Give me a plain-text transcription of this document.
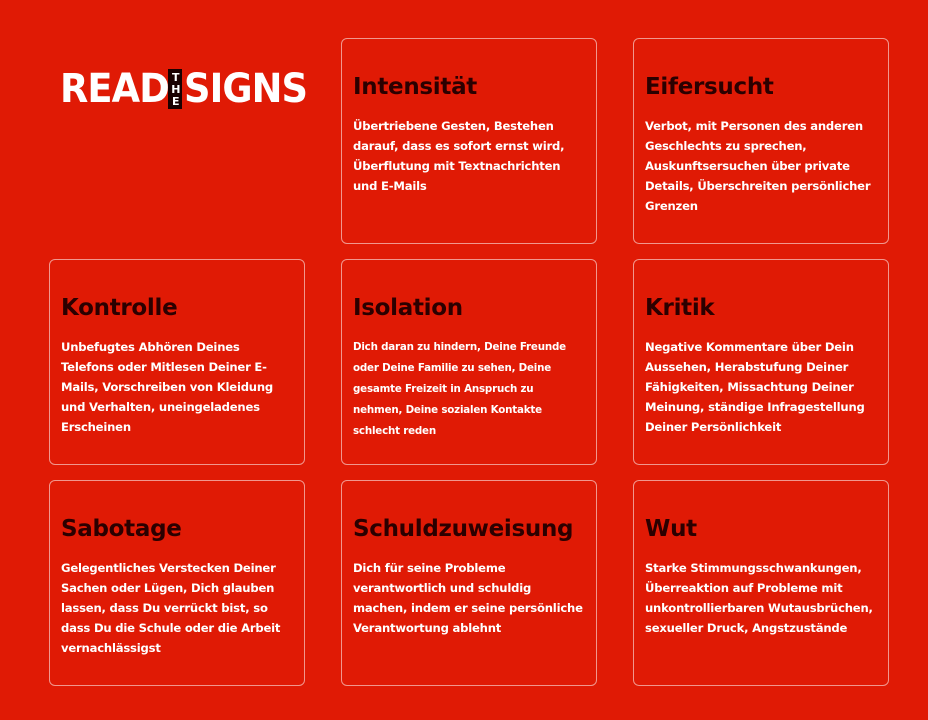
READ THE SIGNS Intensität

Übertriebene Gesten, Bestehen darauf, dass es sofort ernst wird, Überflutung mit Textnachrichten und E-Mails

Eifersucht

Verbot, mit Personen des anderen Geschlechts zu sprechen, Auskunftsersuchen über private Details, Überschreiten persönlicher Grenzen

Kontrolle

Unbefugtes Abhören Deines Telefons oder Mitlesen Deiner E-Mails, Vorschreiben von Kleidung und Verhalten, uneingeladenes Erscheinen

Isolation

Dich daran zu hindern, Deine Freunde oder Deine Familie zu sehen, Deine gesamte Freizeit in Anspruch zu nehmen, Deine sozialen Kontakte schlecht reden

Kritik

Negative Kommentare über Dein Aussehen, Herabstufung Deiner Fähigkeiten, Missachtung Deiner Meinung, ständige Infragestellung Deiner Persönlichkeit

Sabotage

Gelegentliches Verstecken Deiner Sachen oder Lügen, Dich glauben lassen, dass Du verrückt bist, so dass Du die Schule oder die Arbeit vernachlässigst

Schuldzuweisung

Dich für seine Probleme verantwortlich und schuldig machen, indem er seine persönliche Verantwortung ablehnt

Wut

Starke Stimmungsschwankungen, Überreaktion auf Probleme mit unkontrollierbaren Wutausbrüchen, sexueller Druck, Angstzustände
